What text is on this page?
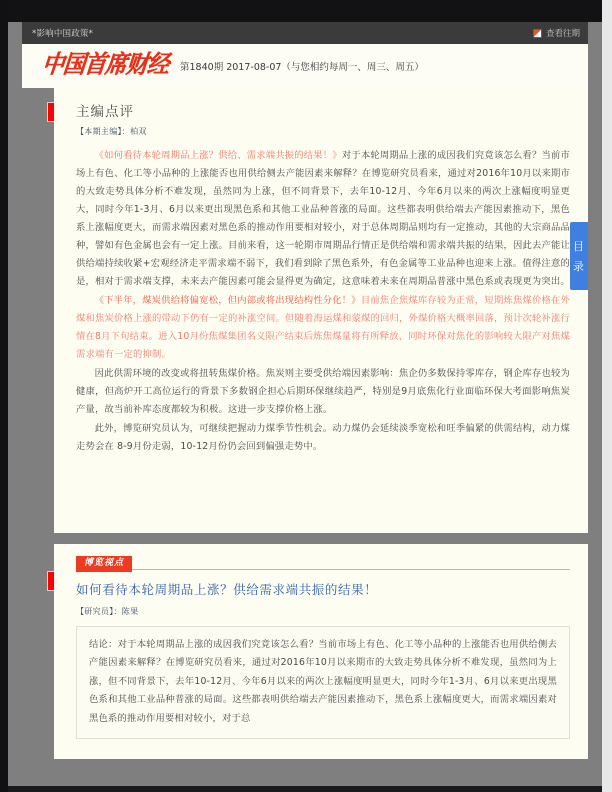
*影响中国政策*	查看往期
中国首席财经 第1840期 2017-08-07（与您相约每周一、周三、周五）
主编点评
【本期主编】：柏双

《如何看待本轮周期品上涨？供给、需求端共振的结果！》对于本轮周期品上涨的成因我们究竟该怎么看？当前市场上有色、化工等小品种的上涨能否也用供给侧去产能因素来解释？在博览研究员看来，通过对2016年10月以来期市的大致走势具体分析不难发现，虽然同为上涨，但不同背景下，去年10-12月、今年6月以来的两次上涨幅度明显更大，同时今年1-3月、6月以来更出现黑色系和其他工业品种普涨的局面。这些都表明供给端去产能因素推动下，黑色系上涨幅度更大，而需求端因素对黑色系的推动作用要相对较小，对于总体周期品则均有一定推动，其他的大宗商品品种，譬如有色金属也会有一定上涨。目前来看，这一轮期市周期品行情正是供给端和需求端共振的结果，因此去产能让供给端持续收紧+宏观经济走平需求端不弱下，我们看到除了黑色系外，有色金属等工业品种也迎来上涨。值得注意的是，相对于需求端支撑，未来去产能因素可能会显得更为确定，这意味着未来在周期品普涨中黑色系或表现更为突出。

《下半年，煤炭供给将偏宽松，但内部或将出现结构性分化！》目前焦企焦煤库存较为正常，短期炼焦煤价格在外煤和焦炭价格上涨的带动下仍有一定的补涨空间。但随着海运煤和蒙煤的回归，外煤价格大概率回落，预计次轮补涨行情在8月下旬结束。进入10月份焦煤集团名义限产结束后炼焦煤量将有所释放，同时环保对焦化的影响较大限产对焦煤需求端有一定的抑制。

因此供需环境的改变或将扭转焦煤价格。焦炭则主要受供给端因素影响：焦企仍多数保持零库存，钢企库存也较为健康，但高炉开工高位运行的背景下多数钢企担心后期环保继续趋严，特别是9月底焦化行业面临环保大考面影响焦炭产量，故当前补库态度都较为积极。这进一步支撑价格上涨。

此外，博览研究员认为，可继续把握动力煤季节性机会。动力煤仍会延续淡季宽松和旺季偏紧的供需结构，动力煤走势会在 8-9月份走弱，10-12月份仍会回到偏强走势中。

博览视点
如何看待本轮周期品上涨？供给需求端共振的结果！
【研究员】：陈果

结论：对于本轮周期品上涨的成因我们究竟该怎么看？当前市场上有色、化工等小品种的上涨能否也用供给侧去产能因素来解释？在博览研究员看来，通过对2016年10月以来期市的大致走势具体分析不难发现，虽然同为上涨，但不同背景下，去年10-12月、今年6月以来的两次上涨幅度明显更大，同时今年1-3月、6月以来更出现黑色系和其他工业品种普涨的局面。这些都表明供给端去产能因素推动下，黑色系上涨幅度更大，而需求端因素对黑色系的推动作用要相对较小，对于总

目
录
